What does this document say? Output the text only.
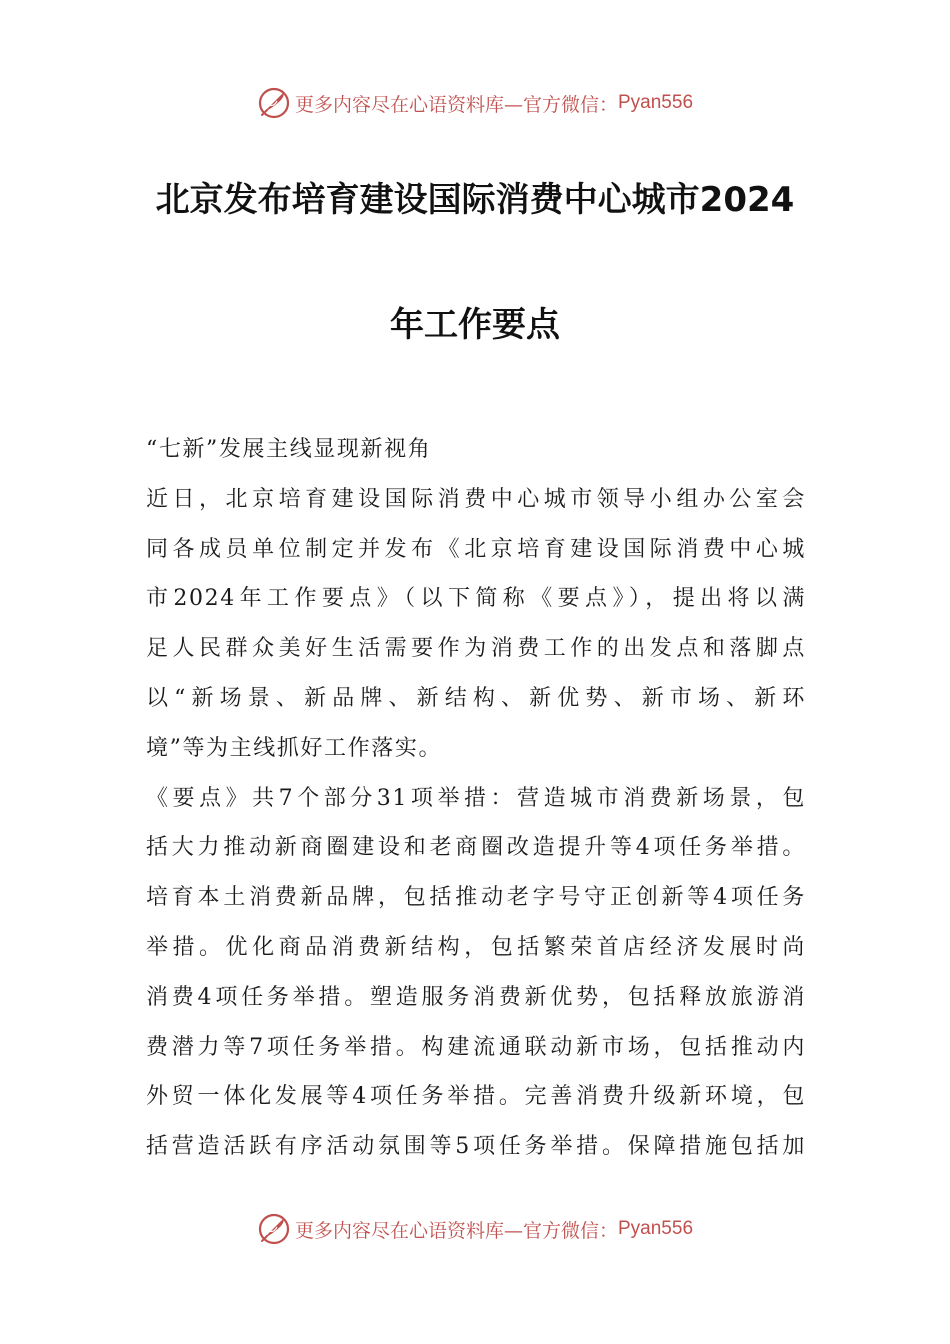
更多内容尽在心语资料库—官方微信： Pyan556
北京发布培育建设国际消费中心城市2024
年工作要点

“七新”发展主线显现新视角

近日，北京培育建设国际消费中心城市领导小组办公室会

同各成员单位制定并发布《北京培育建设国际消费中心城

市2024年工作要点》（以下简称《要点》），提出将以满

足人民群众美好生活需要作为消费工作的出发点和落脚点

以“新场景、新品牌、新结构、新优势、新市场、新环

境”等为主线抓好工作落实。

《要点》共7个部分31项举措：营造城市消费新场景，包

括大力推动新商圈建设和老商圈改造提升等4项任务举措。

培育本土消费新品牌，包括推动老字号守正创新等4项任务

举措。优化商品消费新结构，包括繁荣首店经济发展时尚

消费4项任务举措。塑造服务消费新优势，包括释放旅游消

费潜力等7项任务举措。构建流通联动新市场，包括推动内

外贸一体化发展等4项任务举措。完善消费升级新环境，包

括营造活跃有序活动氛围等5项任务举措。保障措施包括加

更多内容尽在心语资料库—官方微信： Pyan556
